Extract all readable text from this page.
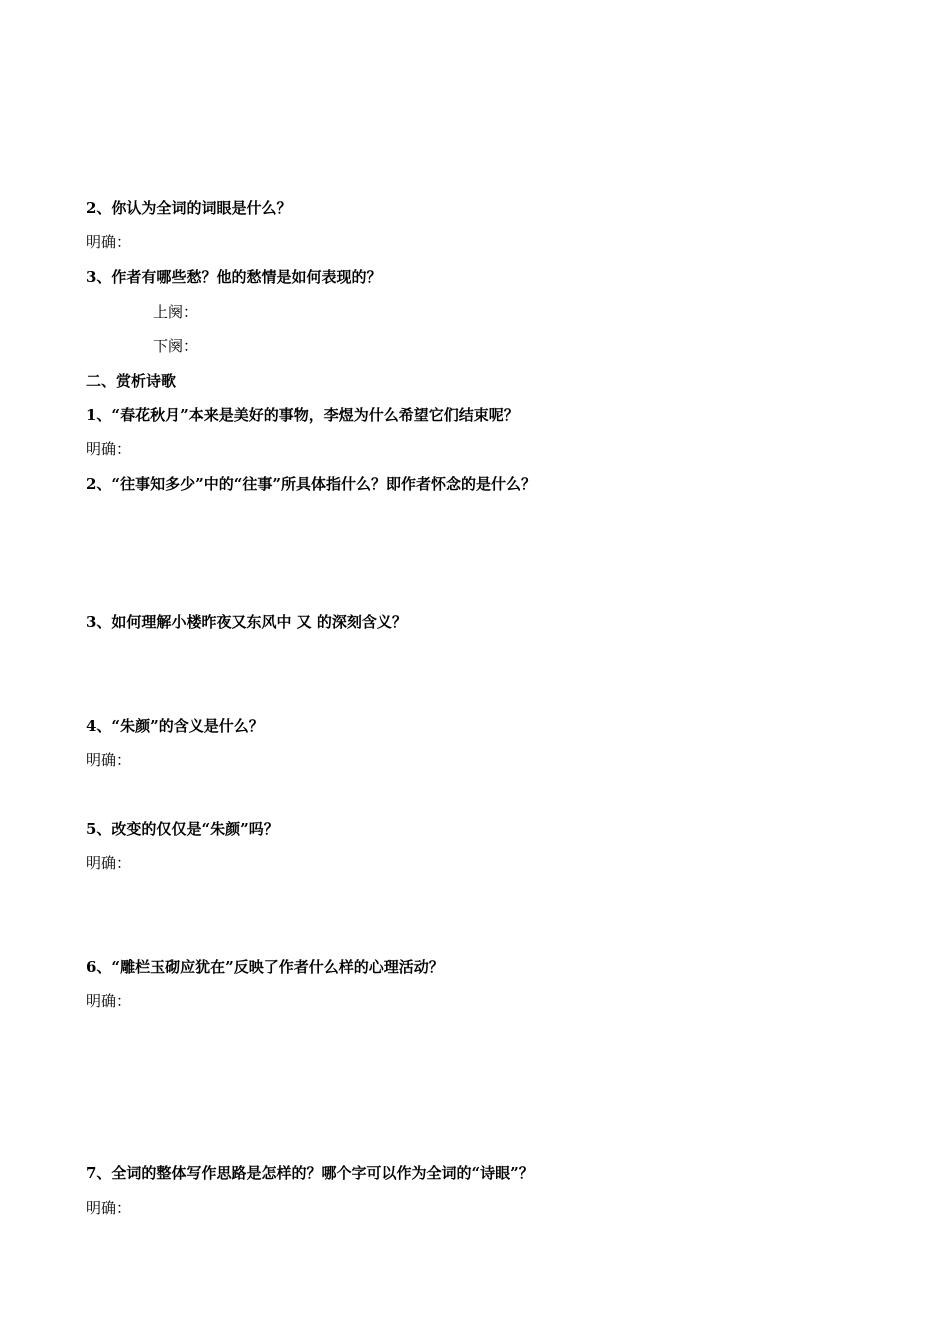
2、你认为全词的词眼是什么？
明确：
3、作者有哪些愁？他的愁情是如何表现的？
上阕：
下阕：
二、赏析诗歌
1、“春花秋月”本来是美好的事物，李煜为什么希望它们结束呢？
明确：
2、“往事知多少”中的“往事”所具体指什么？即作者怀念的是什么？
3、如何理解小楼昨夜又东风中 又 的深刻含义？
4、“朱颜”的含义是什么？
明确：
5、改变的仅仅是“朱颜”吗？
明确：
6、“雕栏玉砌应犹在”反映了作者什么样的心理活动？
明确：
7、全词的整体写作思路是怎样的？哪个字可以作为全词的“诗眼”？
明确：
